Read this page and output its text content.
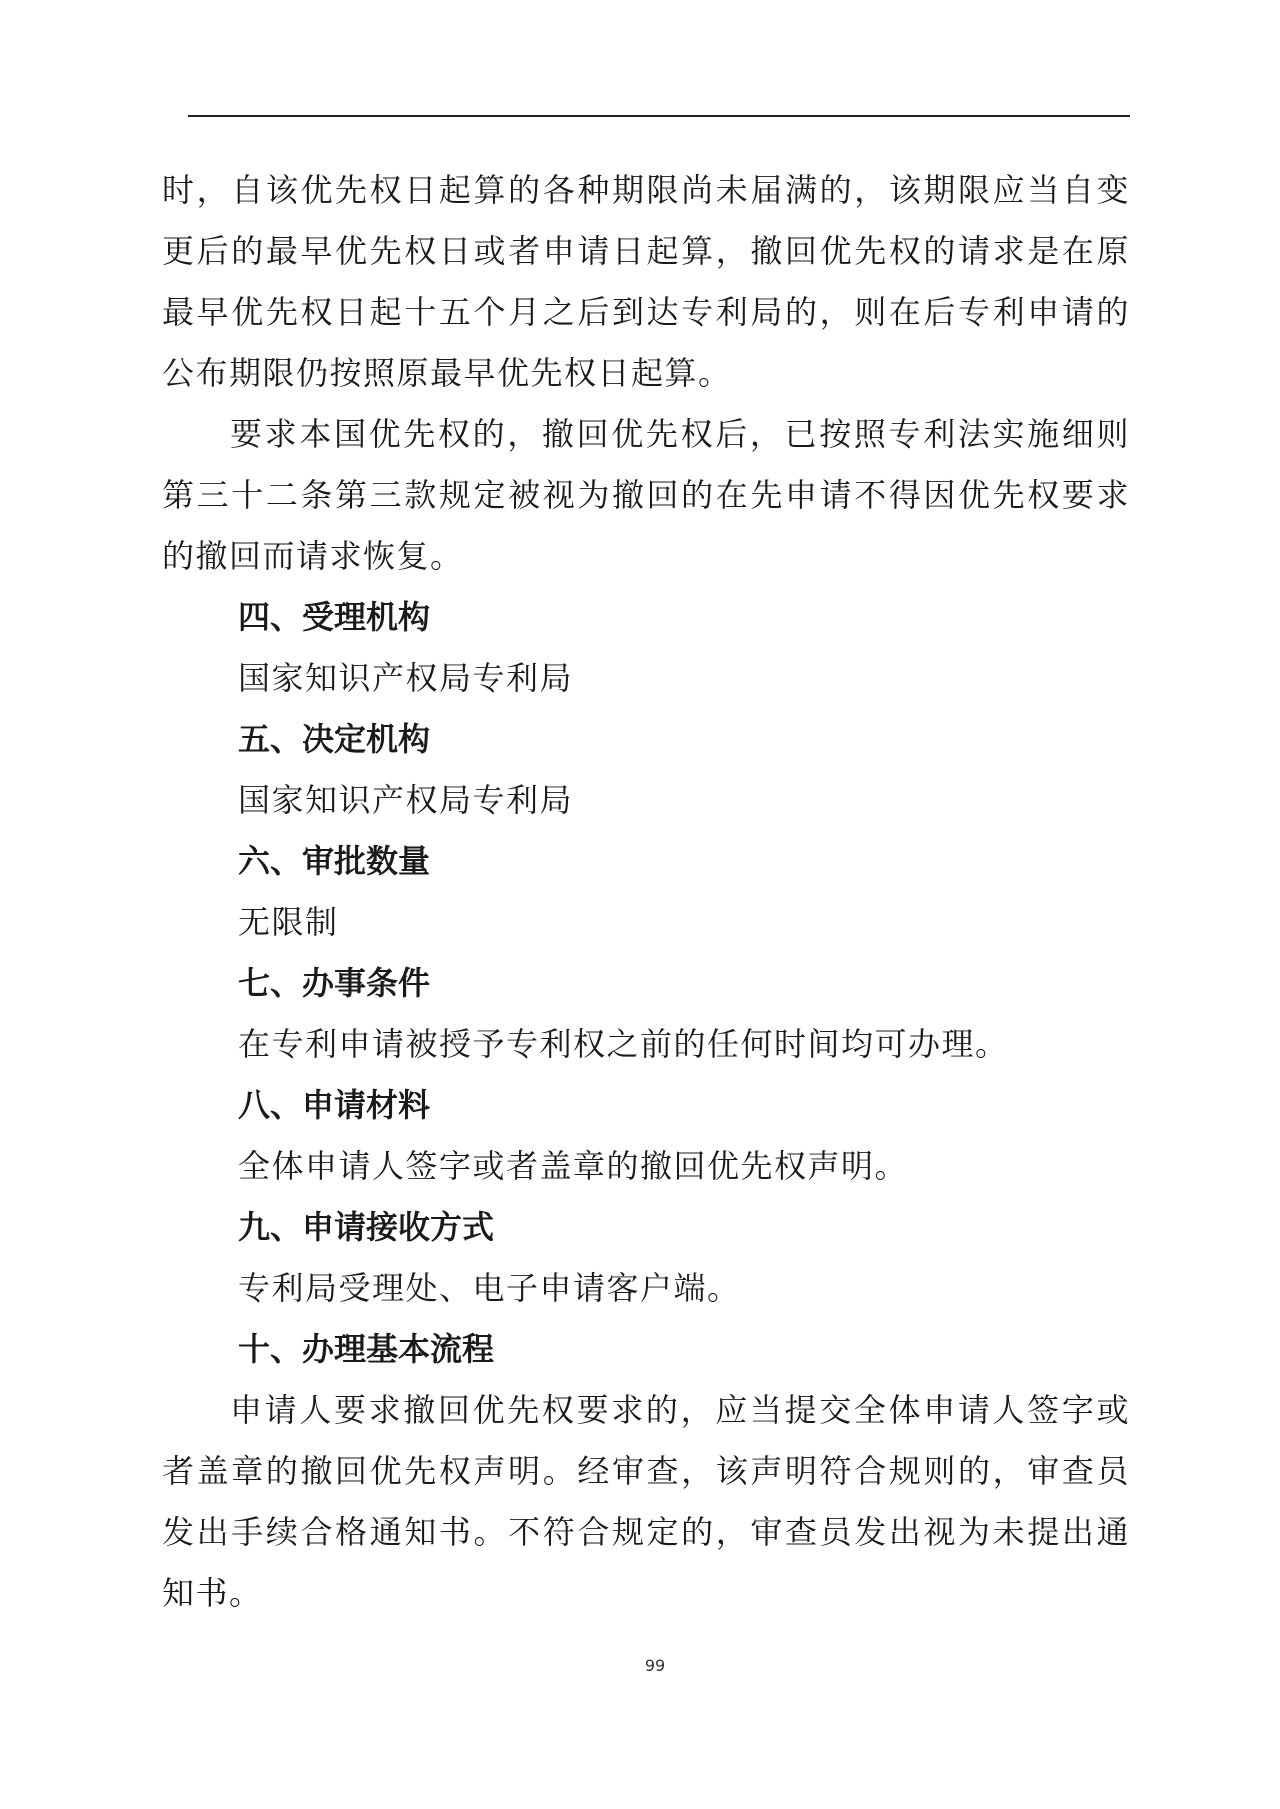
时，自该优先权日起算的各种期限尚未届满的，该期限应当自变更后的最早优先权日或者申请日起算，撤回优先权的请求是在原最早优先权日起十五个月之后到达专利局的，则在后专利申请的公布期限仍按照原最早优先权日起算。

要求本国优先权的，撤回优先权后，已按照专利法实施细则第三十二条第三款规定被视为撤回的在先申请不得因优先权要求的撤回而请求恢复。

四、受理机构

国家知识产权局专利局

五、决定机构

国家知识产权局专利局

六、审批数量

无限制

七、办事条件

在专利申请被授予专利权之前的任何时间均可办理。

八、申请材料

全体申请人签字或者盖章的撤回优先权声明。

九、申请接收方式

专利局受理处、电子申请客户端。

十、办理基本流程

申请人要求撤回优先权要求的，应当提交全体申请人签字或者盖章的撤回优先权声明。经审查，该声明符合规则的，审查员发出手续合格通知书。不符合规定的，审查员发出视为未提出通知书。

99
